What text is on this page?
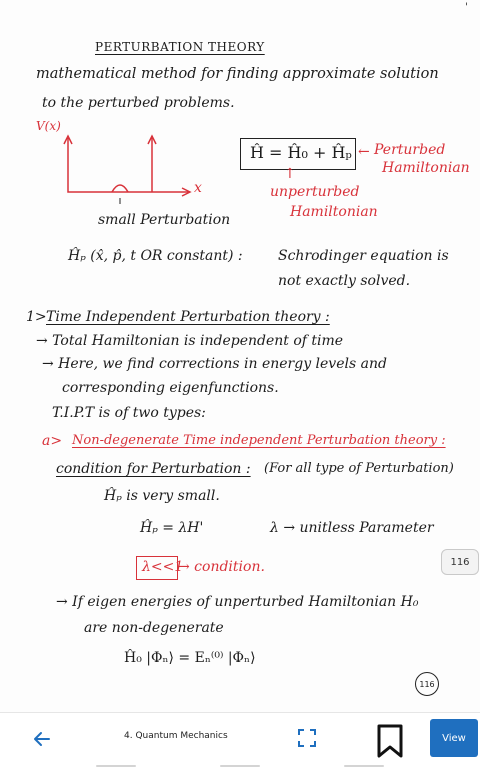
'
PERTURBATION THEORY
mathematical method for finding approximate solution
to the perturbed problems.
V(x)
x
small Perturbation
Ĥ = Ĥ₀ + Ĥₚ ← Perturbed
Hamiltonian
↑
unperturbed
Hamiltonian
Ĥₚ (x̂, p̂, t OR constant) :	Schrodinger equation is
not exactly solved.
1> Time Independent Perturbation theory :
→ Total Hamiltonian is independent of time
→ Here, we find corrections in energy levels and
corresponding eigenfunctions.
T.I.P.T is of two types:
a> Non-degenerate Time independent Perturbation theory :
condition for Perturbation : (For all type of Perturbation)
Ĥₚ is very small.
Ĥₚ = λH'	λ → unitless Parameter
λ<<1
→ condition.	116
→ If eigen energies of unperturbed Hamiltonian H₀
are non-degenerate
Ĥ₀ |Φₙ⟩ = Eₙ⁽⁰⁾ |Φₙ⟩
116
4. Quantum Mechanics	View
